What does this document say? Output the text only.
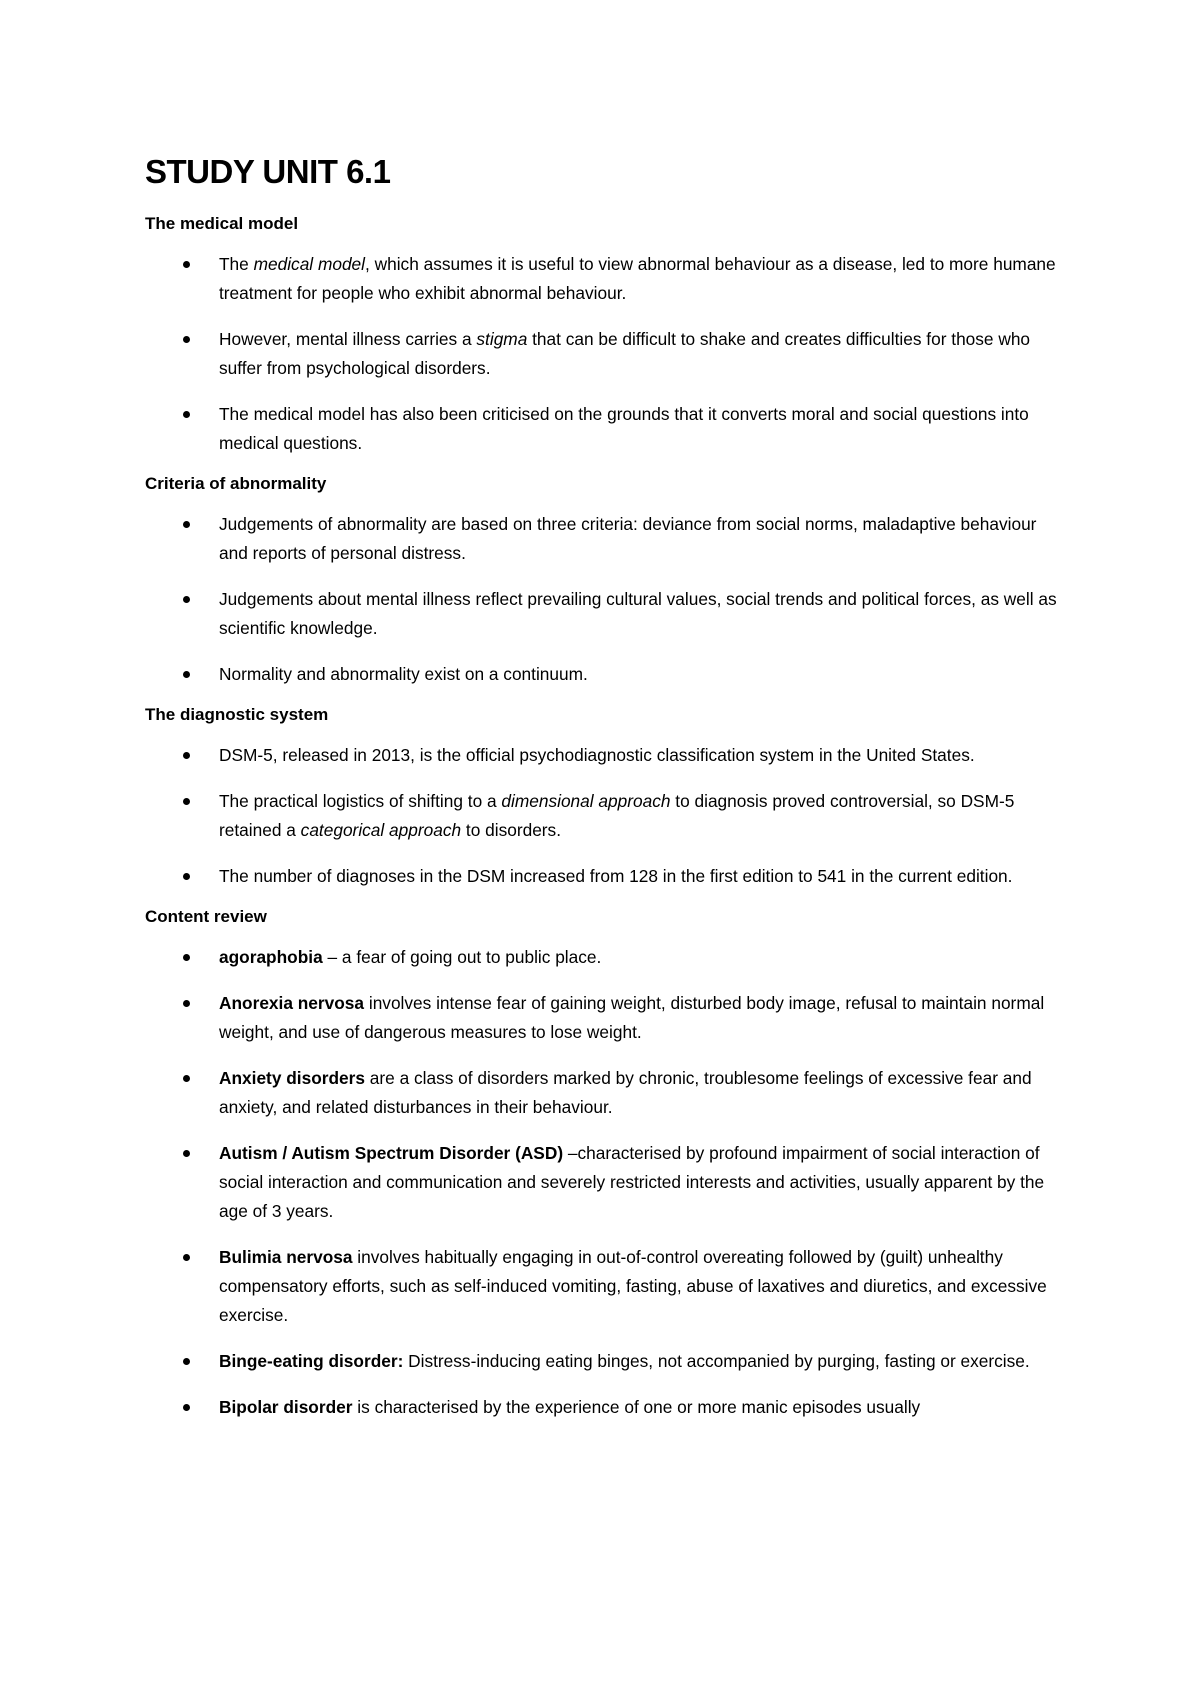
STUDY UNIT 6.1
The medical model
The medical model, which assumes it is useful to view abnormal behaviour as a disease, led to more humane treatment for people who exhibit abnormal behaviour.
However, mental illness carries a stigma that can be difficult to shake and creates difficulties for those who suffer from psychological disorders.
The medical model has also been criticised on the grounds that it converts moral and social questions into medical questions.
Criteria of abnormality
Judgements of abnormality are based on three criteria: deviance from social norms, maladaptive behaviour and reports of personal distress.
Judgements about mental illness reflect prevailing cultural values, social trends and political forces, as well as scientific knowledge.
Normality and abnormality exist on a continuum.
The diagnostic system
DSM-5, released in 2013, is the official psychodiagnostic classification system in the United States.
The practical logistics of shifting to a dimensional approach to diagnosis proved controversial, so DSM-5 retained a categorical approach to disorders.
The number of diagnoses in the DSM increased from 128 in the first edition to 541 in the current edition.
Content review
agoraphobia – a fear of going out to public place.
Anorexia nervosa involves intense fear of gaining weight, disturbed body image, refusal to maintain normal weight, and use of dangerous measures to lose weight.
Anxiety disorders are a class of disorders marked by chronic, troublesome feelings of excessive fear and anxiety, and related disturbances in their behaviour.
Autism / Autism Spectrum Disorder (ASD) –characterised by profound impairment of social interaction of social interaction and communication and severely restricted interests and activities, usually apparent by the age of 3 years.
Bulimia nervosa involves habitually engaging in out-of-control overeating followed by (guilt) unhealthy compensatory efforts, such as self-induced vomiting, fasting, abuse of laxatives and diuretics, and excessive exercise.
Binge-eating disorder: Distress-inducing eating binges, not accompanied by purging, fasting or exercise.
Bipolar disorder is characterised by the experience of one or more manic episodes usually
